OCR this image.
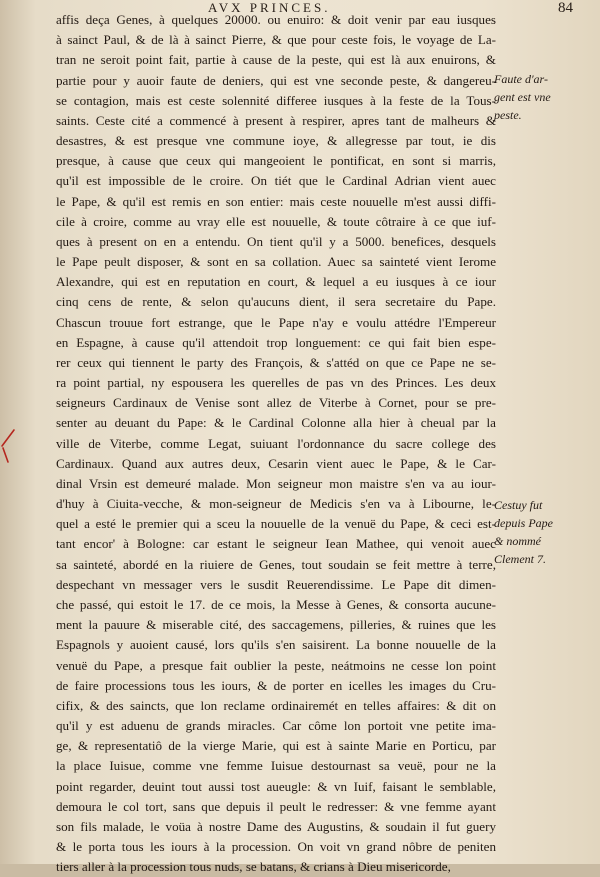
AVX PRINCES.	84
affis deça Genes, à quelques 20000. ou enuiro: & doit venir par eau iusques
à sainct Paul, & de là à sainct Pierre, & que pour ceste fois, le voyage de La-
tran ne seroit point fait, partie à cause de la peste, qui est là aux enuirons, &
partie pour y auoir faute de deniers, qui est vne seconde peste, & dangereu-
se contagion, mais est ceste solennité differee iusques à la feste de la Tous-
saints. Ceste cité a commencé à present à respirer, apres tant de malheurs &
desastres, & est presque vne commune ioye, & allegresse par tout, ie dis
presque, à cause que ceux qui mangeoient le pontificat, en sont si marris,
qu'il est impossible de le croire. On tiét que le Cardinal Adrian vient auec
le Pape, & qu'il est remis en son entier: mais ceste nouuelle m'est aussi diffi-
cile à croire, comme au vray elle est nouuelle, & toute côtraire à ce que iuf-
ques à present on en a entendu. On tient qu'il y a 5000. benefices, desquels
le Pape peult disposer, & sont en sa collation. Auec sa sainteté vient Ierome
Alexandre, qui est en reputation en court, & lequel a eu iusques à ce iour
cinq cens de rente, & selon qu'aucuns dient, il sera secretaire du Pape.
Chascun trouue fort estrange, que le Pape n'ay e voulu attédre l'Empereur
en Espagne, à cause qu'il attendoit trop longuement: ce qui fait bien espe-
rer ceux qui tiennent le party des François, & s'attéd on que ce Pape ne se-
ra point partial, ny espousera les querelles de pas vn des Princes. Les deux
seigneurs Cardinaux de Venise sont allez de Viterbe à Cornet, pour se pre-
senter au deuant du Pape: & le Cardinal Colonne alla hier à cheual par la
ville de Viterbe, comme Legat, suiuant l'ordonnance du sacre college des
Cardinaux. Quand aux autres deux, Cesarin vient auec le Pape, & le Car-
dinal Vrsin est demeuré malade. Mon seigneur mon maistre s'en va au iour-
d'huy à Ciuita-vecche, & mon-seigneur de Medicis s'en va à Libourne, le-
quel a esté le premier qui a sceu la nouuelle de la venuë du Pape, & ceci est-
tant encor' à Bologne: car estant le seigneur Iean Mathee, qui venoit auec
sa sainteté, abordé en la riuiere de Genes, tout soudain se feit mettre à terre,
despechant vn messager vers le susdit Reuerendissime. Le Pape dit dimen-
che passé, qui estoit le 17. de ce mois, la Messe à Genes, & consorta aucune-
ment la pauure & miserable cité, des saccagemens, pilleries, & ruines que les
Espagnols y auoient causé, lors qu'ils s'en saisirent. La bonne nouuelle de la
venuë du Pape, a presque fait oublier la peste, neátmoins ne cesse lon point
de faire processions tous les iours, & de porter en icelles les images du Cru-
cifix, & des saincts, que lon reclame ordinairemét en telles affaires: & dit on
qu'il y est aduenu de grands miracles. Car côme lon portoit vne petite ima-
ge, & representatiô de la vierge Marie, qui est à sainte Marie en Porticu, par
la place Iuisue, comme vne femme Iuisue destournast sa veuë, pour ne la
point regarder, deuint tout aussi tost aueugle: & vn Iuif, faisant le semblable,
demoura le col tort, sans que depuis il peult le redresser: & vne femme ayant
son fils malade, le voüa à nostre Dame des Augustins, & soudain il fut guery
& le porta tous les iours à la procession. On voit vn grand nôbre de peniten
tiers aller à la procession tous nuds, se batans, & crians à Dieu misericorde,
Faute d'ar-
gent est vne
peste.
Cestuy fut
depuis Pape
& nommé
Clement 7.
